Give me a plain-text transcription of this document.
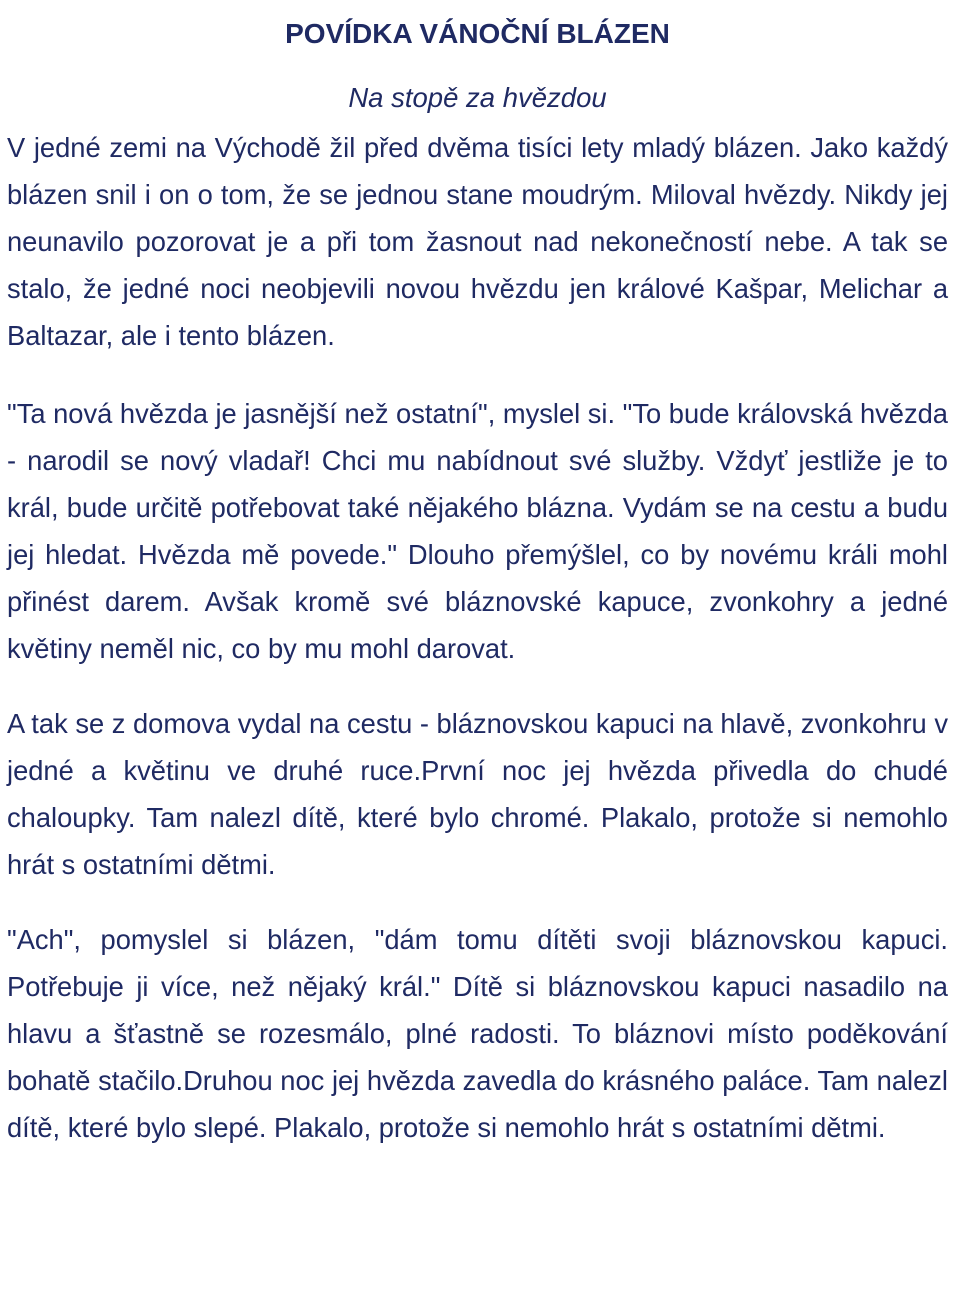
POVÍDKA VÁNOČNÍ BLÁZEN

Na stopě za hvězdou

V jedné zemi na Východě žil před dvěma tisíci lety mladý blázen. Jako každý blázen snil i on o tom, že se jednou stane moudrým. Miloval hvězdy. Nikdy jej neunavilo pozorovat je a při tom žasnout nad nekonečností nebe. A tak se stalo, že jedné noci neobjevili novou hvězdu jen králové Kašpar, Melichar a Baltazar, ale i tento blázen.

"Ta nová hvězda je jasnější než ostatní", myslel si. "To bude královská hvězda - narodil se nový vladař! Chci mu nabídnout své služby. Vždyť jestliže je to král, bude určitě potřebovat také nějakého blázna. Vydám se na cestu a budu jej hledat. Hvězda mě povede." Dlouho přemýšlel, co by novému králi mohl přinést darem. Avšak kromě své bláznovské kapuce, zvonkohry a jedné květiny neměl nic, co by mu mohl darovat.

A tak se z domova vydal na cestu - bláznovskou kapuci na hlavě, zvonkohru v jedné a květinu ve druhé ruce.První noc jej hvězda přivedla do chudé chaloupky. Tam nalezl dítě, které bylo chromé. Plakalo, protože si nemohlo hrát s ostatními dětmi.

"Ach", pomyslel si blázen, "dám tomu dítěti svoji bláznovskou kapuci. Potřebuje ji více, než nějaký král." Dítě si bláznovskou kapuci nasadilo na hlavu a šťastně se rozesmálo, plné radosti. To bláznovi místo poděkování bohatě stačilo.Druhou noc jej hvězda zavedla do krásného paláce. Tam nalezl dítě, které bylo slepé. Plakalo, protože si nemohlo hrát s ostatními dětmi.
